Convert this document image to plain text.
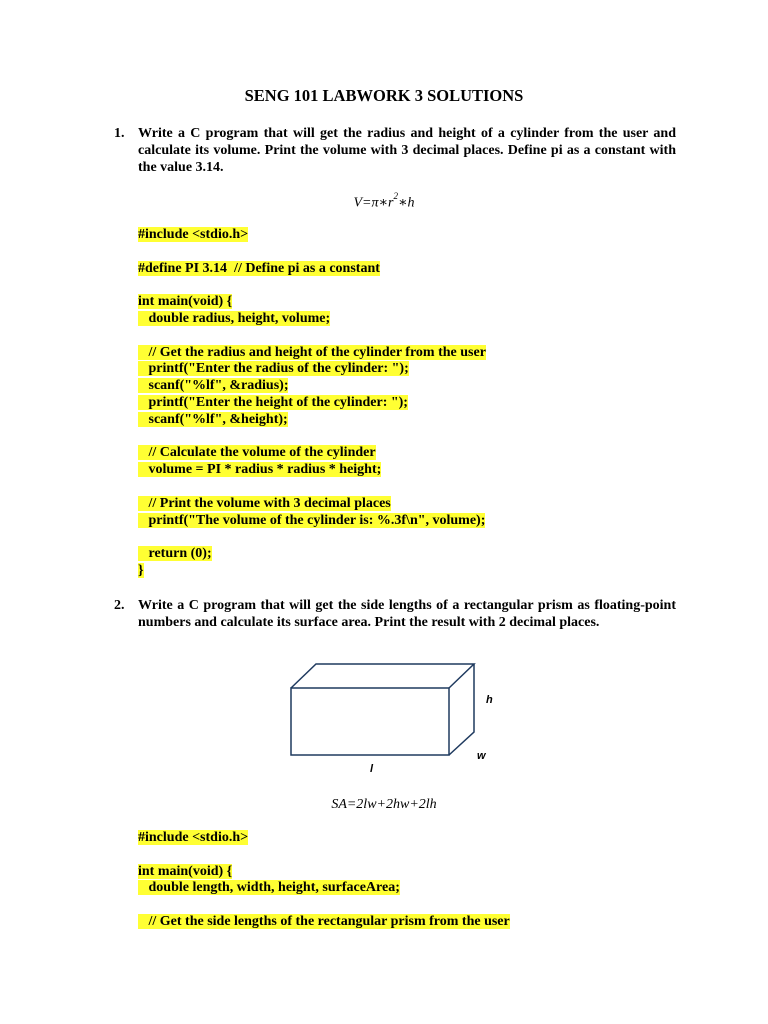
SENG 101 LABWORK 3 SOLUTIONS
1. Write a C program that will get the radius and height of a cylinder from the user and calculate its volume. Print the volume with 3 decimal places. Define pi as a constant with the value 3.14.
$V=\pi∗r^2∗h$
#include <stdio.h>
#define PI 3.14  // Define pi as a constant
int main(void) {
double radius, height, volume;
// Get the radius and height of the cylinder from the user
printf("Enter the radius of the cylinder: ");
scanf("%lf", &radius);
printf("Enter the height of the cylinder: ");
scanf("%lf", &height);
// Calculate the volume of the cylinder
volume = PI * radius * radius * height;
// Print the volume with 3 decimal places
printf("The volume of the cylinder is: %.3f\n", volume);
return (0);
}
2. Write a C program that will get the side lengths of a rectangular prism as floating-point numbers and calculate its surface area. Print the result with 2 decimal places.
h
w
l
SA=2lw+2hw+2lh
#include <stdio.h>
int main(void) {
double length, width, height, surfaceArea;
// Get the side lengths of the rectangular prism from the user
